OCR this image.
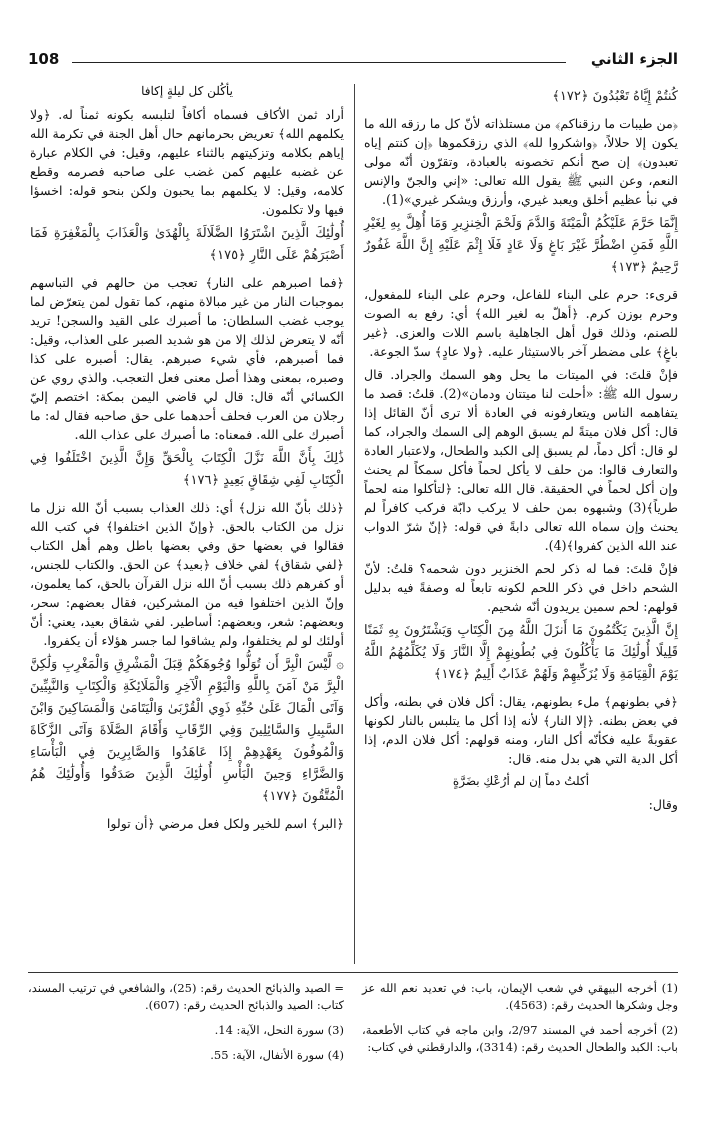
108	الجزء الثاني

كُنتُمْ إِيَّاهُ تَعْبُدُونَ ﴿١٧٢﴾

﴿من طيبات ما رزقناكم﴾ من مستلذاته لأنّ كل ما رزقه الله ما يكون إلا حلالاً، ﴿واشكروا لله﴾ الذي رزقكموها ﴿إن كنتم إياه تعبدون﴾ إن صح أنكم تخصونه بالعبادة، وتقرّون أنّه مولى النعم، وعن النبي ﷺ يقول الله تعالى: «إني والجنّ والإنس في نبأ عظيم أخلق ويعبد غيري، وأرزق ويشكر غيري»(1).

إِنَّمَا حَرَّمَ عَلَيْكُمُ الْمَيْتَةَ وَالدَّمَ وَلَحْمَ الْخِنزِيرِ وَمَا أُهِلَّ بِهِ لِغَيْرِ اللَّهِ فَمَنِ اضْطُرَّ غَيْرَ بَاغٍ وَلَا عَادٍ فَلَا إِثْمَ عَلَيْهِ إِنَّ اللَّهَ غَفُورٌ رَّحِيمٌ ﴿١٧٣﴾

قرىء: حرم على البناء للفاعل، وحرم على البناء للمفعول، وحرم بوزن كرم. ﴿أهلّ به لغير الله﴾ أي: رفع به الصوت للصنم، وذلك قول أهل الجاهلية باسم اللات والعزى. ﴿غير باغٍ﴾ على مضطر آخر بالاستيثار عليه. ﴿ولا عادٍ﴾ سدّ الجوعة.

فإنْ قلتَ: في الميتات ما يحل وهو السمك والجراد. قال رسول الله ﷺ: «أحلت لنا ميتتان ودمان»(2). قلتُ: قصد ما يتفاهمه الناس ويتعارفونه في العادة ألا ترى أنّ القائل إذا قال: أكل فلان ميتةً لم يسبق الوهم إلى السمك والجراد، كما لو قال: أكل دماً، لم يسبق إلى الكبد والطحال، ولاعتبار العادة والتعارف قالوا: من حلف لا يأكل لحماً فأكل سمكاً لم يحنث وإن أكل لحماً في الحقيقة. قال الله تعالى: ﴿لتأكلوا منه لحماً طرياً﴾(3) وشبهوه بمن حلف لا يركب دابّة فركب كافراً لم يحنث وإن سماه الله تعالى دابةً في قوله: ﴿إنّ شرّ الدواب عند الله الذين كفروا﴾(4).

فإنْ قلتَ: فما له ذكر لحم الخنزير دون شحمه؟ قلتُ: لأنّ الشحم داخل في ذكر اللحم لكونه تابعاً له وصفةً فيه بدليل قولهم: لحم سمين يريدون أنّه شحيم.

إِنَّ الَّذِينَ يَكْتُمُونَ مَا أَنزَلَ اللَّهُ مِنَ الْكِتَابِ وَيَشْتَرُونَ بِهِ ثَمَنًا قَلِيلًا أُولَٰئِكَ مَا يَأْكُلُونَ فِي بُطُونِهِمْ إِلَّا النَّارَ وَلَا يُكَلِّمُهُمُ اللَّهُ يَوْمَ الْقِيَامَةِ وَلَا يُزَكِّيهِمْ وَلَهُمْ عَذَابٌ أَلِيمٌ ﴿١٧٤﴾

﴿في بطونهم﴾ ملء بطونهم، يقال: أكل فلان في بطنه، وأكل في بعض بطنه. ﴿إلا النار﴾ لأنه إذا أكل ما يتلبس بالنار لكونها عقوبةً عليه فكأنّه أكل النار، ومنه قولهم: أكل فلان الدم، إذا أكل الدية التي هي بدل منه. قال:

أكلتُ دماً إن لم أرُعْكِ بضَرَّةٍ

وقال:

يأكُلن كل ليلةٍ إكافا

أراد ثمن الأكاف فسماه أكافاً لتلبسه بكونه ثمناً له. ﴿ولا يكلمهم الله﴾ تعريض بحرمانهم حال أهل الجنة في تكرمة الله إياهم بكلامه وتزكيتهم بالثناء عليهم، وقيل: في الكلام عبارة عن غضبه عليهم كمن غضب على صاحبه فصرمه وقطع كلامه، وقيل: لا يكلمهم بما يحبون ولكن بنحو قوله: اخسؤا فيها ولا تكلمون.

أُولَٰئِكَ الَّذِينَ اشْتَرَوُا الضَّلَالَةَ بِالْهُدَىٰ وَالْعَذَابَ بِالْمَغْفِرَةِ فَمَا أَصْبَرَهُمْ عَلَى النَّارِ ﴿١٧٥﴾

﴿فما اصبرهم على النار﴾ تعجب من حالهم في التباسهم بموجبات النار من غير مبالاة منهم، كما تقول لمن يتعرّض لما يوجب غضب السلطان: ما أصبرك على القيد والسجن! تريد أنّه لا يتعرض لذلك إلا من هو شديد الصبر على العذاب، وقيل: فما أصبرهم، فأي شيء صبرهم. يقال: أصبره على كذا وصبره، بمعنى وهذا أصل معنى فعل التعجب. والذي روي عن الكسائي أنّه قال: قال لي قاضي اليمن بمكة: اختصم إليّ رجلان من العرب فحلف أحدهما على حق صاحبه فقال له: ما أصبرك على الله. فمعناه: ما أصبرك على عذاب الله.

ذَٰلِكَ بِأَنَّ اللَّهَ نَزَّلَ الْكِتَابَ بِالْحَقِّ وَإِنَّ الَّذِينَ اخْتَلَفُوا فِي الْكِتَابِ لَفِي شِقَاقٍ بَعِيدٍ ﴿١٧٦﴾

﴿ذلك بأنّ الله نزل﴾ أي: ذلك العذاب بسبب أنّ الله نزل ما نزل من الكتاب بالحق. ﴿وإنّ الذين اختلفوا﴾ في كتب الله فقالوا في بعضها حق وفي بعضها باطل وهم أهل الكتاب ﴿لفي شقاق﴾ لفي خلاف ﴿بعيد﴾ عن الحق. والكتاب للجنس، أو كفرهم ذلك بسبب أنّ الله نزل القرآن بالحق، كما يعلمون، وإنّ الذين اختلفوا فيه من المشركين، فقال بعضهم: سحر، وبعضهم: شعر، وبعضهم: أساطير. لفي شقاق بعيد، يعني: أنّ أولئك لو لم يختلفوا، ولم يشاقوا لما جسر هؤلاء أن يكفروا.

۞ لَّيْسَ الْبِرَّ أَن تُوَلُّوا وُجُوهَكُمْ قِبَلَ الْمَشْرِقِ وَالْمَغْرِبِ وَلَٰكِنَّ الْبِرَّ مَنْ آمَنَ بِاللَّهِ وَالْيَوْمِ الْآخِرِ وَالْمَلَائِكَةِ وَالْكِتَابِ وَالنَّبِيِّينَ وَآتَى الْمَالَ عَلَىٰ حُبِّهِ ذَوِي الْقُرْبَىٰ وَالْيَتَامَىٰ وَالْمَسَاكِينَ وَابْنَ السَّبِيلِ وَالسَّائِلِينَ وَفِي الرِّقَابِ وَأَقَامَ الصَّلَاةَ وَآتَى الزَّكَاةَ وَالْمُوفُونَ بِعَهْدِهِمْ إِذَا عَاهَدُوا وَالصَّابِرِينَ فِي الْبَأْسَاءِ وَالضَّرَّاءِ وَحِينَ الْبَأْسِ أُولَٰئِكَ الَّذِينَ صَدَقُوا وَأُولَٰئِكَ هُمُ الْمُتَّقُونَ ﴿١٧٧﴾

﴿البر﴾ اسم للخير ولكل فعل مرضي ﴿أن تولوا

(1) أخرجه البيهقي في شعب الإيمان، باب: في تعديد نعم الله عز وجل وشكرها الحديث رقم: (4563).

(2) أخرجه أحمد في المسند 2/97، وابن ماجه في كتاب الأطعمة، باب: الكبد والطحال الحديث رقم: (3314)، والدارقطني في كتاب:

= الصيد والذبائح الحديث رقم: (25)، والشافعي في ترتيب المسند، كتاب: الصيد والذبائح الحديث رقم: (607).

(3) سورة النحل، الآية: 14.

(4) سورة الأنفال، الآية: 55.
